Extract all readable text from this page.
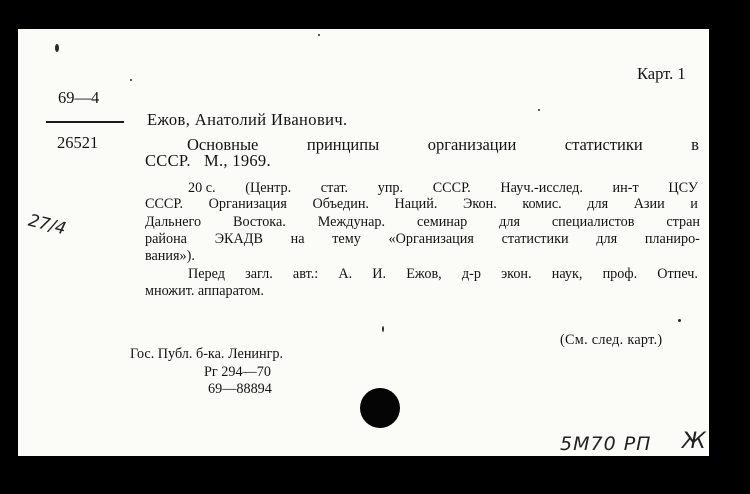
Карт. 1
69—4
26521
Ежов, Анатолий Иванович.
Основные	принципы	организации	статистики	в
СССР.   М., 1969.
20 с. (Центр. стат. упр. СССР. Науч.-исслед. ин-т ЦСУ
СССР. Организация Объедин. Наций. Экон. комис. для Азии и
Дальнего Востока. Междунар. семинар для специалистов стран
района ЭКАДВ на тему «Организация статистики для планиро-
вания»).
Перед загл. авт.: А. И. Ежов, д-р экон. наук, проф. Отпеч.
множит. аппаратом.
(См. след. карт.)
Гос. Публ. б-ка. Ленингр.
Рг 294—70
69—88894
27/4
5М70 РП Ж
